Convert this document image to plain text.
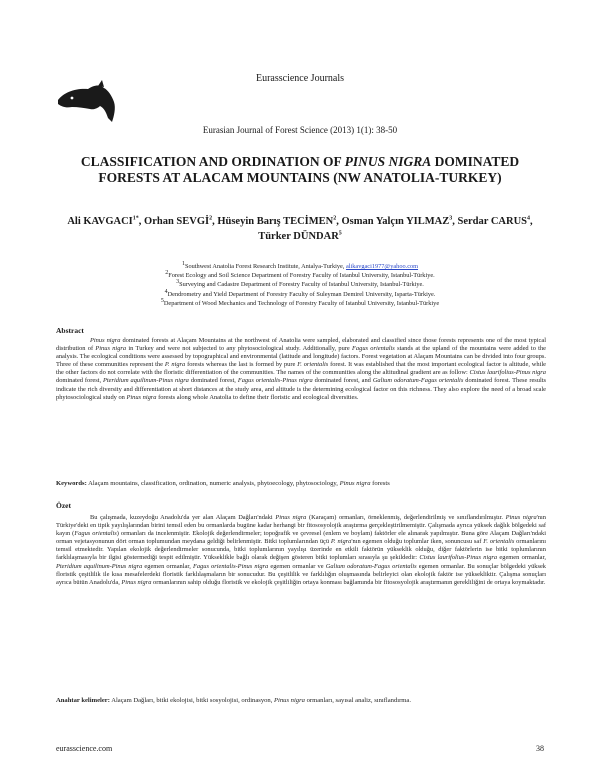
Eurasscience Journals
Eurasian Journal of Forest Science (2013) 1(1): 38-50
CLASSIFICATION AND ORDINATION OF PINUS NIGRA DOMINATED FORESTS AT ALACAM MOUNTAINS (NW ANATOLIA-TURKEY)
Ali $KAVGACI^{1*}$, Orhan SEVGİ$^2$, Hüseyin Barış TECİMEN$^2$, Osman Yalçın YILMAZ$^3$, Serdar CARUS$^4$, Türker DÜNDAR$^5$
$^1$Southwest Anatolia Forest Research Institute, Antalya-Turkiye, alikavgaci1977@yahoo.com
$^2$Forest Ecology and Soil Science Department of Forestry Faculty of Istanbul University, Istanbul-Türkiye.
$^3$Surveying and Cadastre Department of Forestry Faculty of Istanbul University, Istanbul-Türkiye.
$^4$Dendrometry and Yield Department of Forestry Faculty of Suleyman Demirel University, Isparta-Türkiye.
$^5$Department of Wood Mechanics and Technology of Forestry Faculty of Istanbul University, Istanbul-Türkiye
Abstract

Pinus nigra dominated forests at Alaçam Mountains at the northwest of Anatolia were sampled, elaborated and classified since those forests represents one of the most typical distribution of Pinus nigra in Turkey and were not subjected to any phytosociological study. Additionally, pure Fagus orientalis stands at the upland of the mountains were added to the analysis. The ecological conditions were assessed by topographical and environmental (latitude and longitude) factors. Forest vegetation at Alaçam Mountains can be divided into four groups. Three of these communities represent the P. nigra forests whereas the last is formed by pure F. orientalis forest. It was established that the most important ecological factor is altitude, while the other factors do not correlate with the floristic differentiation of the communities. The names of the communities along the altitudinal gradient are as follow: Cistus laurifolius-Pinus nigra dominated forest, Pteridium aquilinum-Pinus nigra dominated forest, Fagus orientalis-Pinus nigra dominated forest, and Galium odoratum-Fagus orientalis dominated forest. These results indicate the rich diversity and differentiation at short distances at the study area, and altitude is the determining ecological factor on this richness. They also explore the need of a broad scale phytosociological study on Pinus nigra forests along whole Anatolia to define their floristic and ecological diversities.

Keywords: Alaçam mountains, classification, ordination, numeric analysis, phytoecology, phytosociology, Pinus nigra forests
Özet

Bu çalışmada, kuzeydoğu Anadolu'da yer alan Alaçam Dağları'ndaki Pinus nigra (Karaçam) ormanları, örneklenmiş, değerlendirilmiş ve sınıflandırılmıştır. Pinus nigra'nın Türkiye'deki en tipik yayılışlarından birini temsil eden bu ormanlarda bugüne kadar herhangi bir fitososyolojik araştırma gerçekleştirilmemiştir. Çalışmada ayrıca yüksek dağlık bölgedeki saf kayın (Fagus orientalis) ormanları da incelenmiştir. Ekolojik değerlendirmeler; topoğrafik ve çevresel (enlem ve boylam) faktörler ele alınarak yapılmıştır. Buna göre Alaçam Dağları'ndaki orman vejetasyonunun dört orman toplumundan meydana geldiği belirlenmiştir. Bitki toplumlarından üçü P. nigra'nın egemen olduğu toplumlar iken, sonuncusu saf F. orientalis ormanlarını temsil etmektedir. Yapılan ekolojik değerlendirmeler sonucunda, bitki toplumlarının yayılışı üzerinde en etkili faktörün yükseklik olduğu, diğer faktörlerin ise bitki toplumlarının farklılaşmasıyla bir ilgisi göstermediği tespit edilmiştir. Yükseklikle bağlı olarak değişen gösteren bitki toplumları sırasıyla şu şekildedir: Cistus laurifolius-Pinus nigra egemen ormanlar, Pteridium aquilinum-Pinus nigra egemen ormanlar, Fagus orientalis-Pinus nigra egemen ormanlar ve Galium odoratum-Fagus orientalis egemen ormanlar. Bu sonuçlar bölgedeki yüksek floristik çeşitlilik ile kısa mesafelerdeki floristik farklılaşmaların bir sonucudur. Bu çeşitlilik ve farklılığın oluşmasında belirleyici olan ekolojik faktör ise yüksekliktir. Çalışma sonuçları ayrıca bütün Anadolu'da, Pinus nigra ormanlarının sahip olduğu floristik ve ekolojik çeşitliliğin ortaya konması bağlamında bir fitososyolojik araştırmanın gerekliliğini de ortaya koymaktadır.

Anahtar kelimeler: Alaçam Dağları, bitki ekolojisi, bitki sosyolojisi, ordinasyon, Pinus nigra ormanları, sayısal analiz, sınıflandırma.
eurasscience.com	38
